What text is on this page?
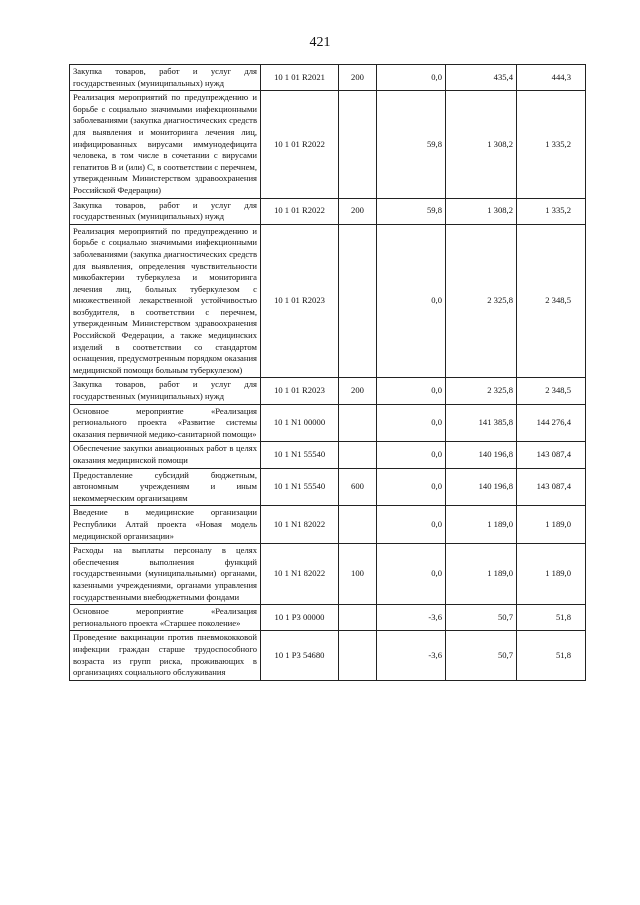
421
Закупка товаров, работ и услуг для государственных (муниципальных) нужд	10 1 01 R2021	200	0,0	435,4	444,3
Реализация мероприятий по предупреждению и борьбе с социально значимыми инфекционными заболеваниями (закупка диагностических средств для выявления и мониторинга лечения лиц, инфицированных вирусами иммунодефицита человека, в том числе в сочетании с вирусами гепатитов В и (или) С, в соответствии с перечнем, утвержденным Министерством здравоохранения Российской Федерации)	10 1 01 R2022		59,8	1 308,2	1 335,2
Закупка товаров, работ и услуг для государственных (муниципальных) нужд	10 1 01 R2022	200	59,8	1 308,2	1 335,2
Реализация мероприятий по предупреждению и борьбе с социально значимыми инфекционными заболеваниями (закупка диагностических средств для выявления, определения чувствительности микобактерии туберкулеза и мониторинга лечения лиц, больных туберкулезом с множественной лекарственной устойчивостью возбудителя, в соответствии с перечнем, утвержденным Министерством здравоохранения Российской Федерации, а также медицинских изделий в соответствии со стандартом оснащения, предусмотренным порядком оказания медицинской помощи больным туберкулезом)	10 1 01 R2023		0,0	2 325,8	2 348,5
Закупка товаров, работ и услуг для государственных (муниципальных) нужд	10 1 01 R2023	200	0,0	2 325,8	2 348,5
Основное мероприятие «Реализация регионального проекта «Развитие системы оказания первичной медико-санитарной помощи»	10 1 N1 00000		0,0	141 385,8	144 276,4
Обеспечение закупки авиационных работ в целях оказания медицинской помощи	10 1 N1 55540		0,0	140 196,8	143 087,4
Предоставление субсидий бюджетным, автономным учреждениям и иным некоммерческим организациям	10 1 N1 55540	600	0,0	140 196,8	143 087,4
Введение в медицинские организации Республики Алтай проекта «Новая модель медицинской организации»	10 1 N1 82022		0,0	1 189,0	1 189,0
Расходы на выплаты персоналу в целях обеспечения выполнения функций государственными (муниципальными) органами, казенными учреждениями, органами управления государственными внебюджетными фондами	10 1 N1 82022	100	0,0	1 189,0	1 189,0
Основное мероприятие «Реализация регионального проекта «Старшее поколение»	10 1 P3 00000		-3,6	50,7	51,8
Проведение вакцинации против пневмококковой инфекции граждан старше трудоспособного возраста из групп риска, проживающих в организациях социального обслуживания	10 1 P3 54680		-3,6	50,7	51,8
